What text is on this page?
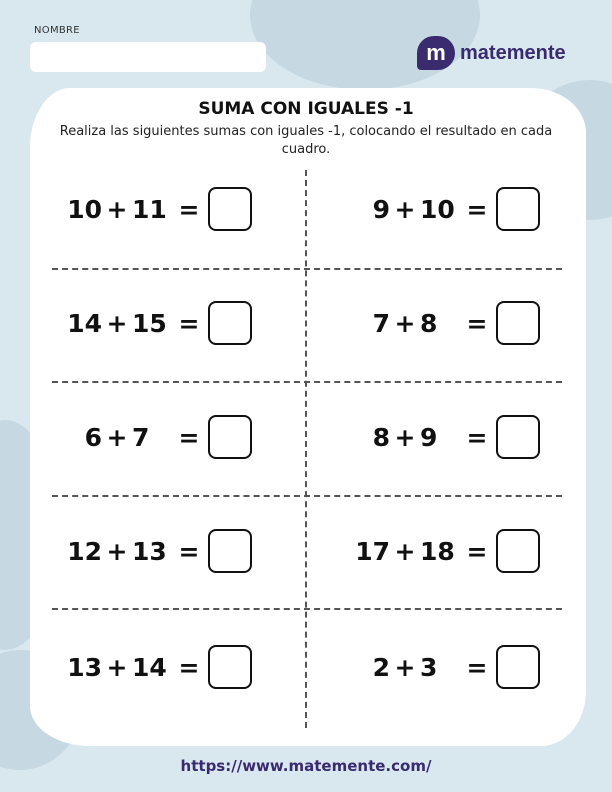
NOMBRE
m matemente
SUMA CON IGUALES -1
Realiza las siguientes sumas con iguales -1, colocando el resultado en cada cuadro.
10 + 11 =
14 + 15 =
6 + 7	=
12 + 13 =
13 + 14 =
9 + 10 =
7 + 8	=
8 + 9	=
17 + 18 =
2 + 3	=
https://www.matemente.com/
